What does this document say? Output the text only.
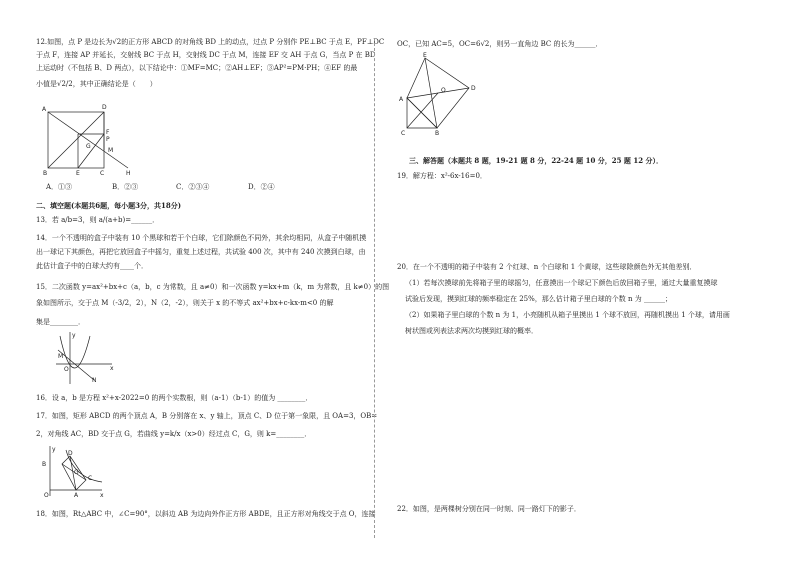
12.如图，点 P 是边长为√2的正方形 ABCD 的对角线 BD 上的动点，过点 P 分别作 PE⊥BC 于点 E，PF⊥DC
于点 F，连接 AP 并延长，交射线 BC 于点 H，交射线 DC 于点 M，连接 EF 交 AH 于点 G，当点 P 在 BD
上运动时（不包括 B、D 两点），以下结论中：①MF=MC；②AH⊥EF；③AP²=PM·PH；④EF 的最
小值是√2/2，其中正确结论是（　　）
A	D
F
P
G
M
B	E	C	H
A．①③	B．②③	C．②③④	D．②④
二、填空题(本题共6题，每小题3分，共18分)
13．若 a/b=3，则 a/(a+b)=______．
14．一个不透明的盒子中装有 10 个黑球和若干个白球，它们除颜色不同外，其余均相同，从盒子中随机摸
出一球记下其颜色，再把它放回盒子中摇匀，重复上述过程，共试验 400 次，其中有 240 次摸到白球，由
此估计盒子中的白球大约有____个．
15．二次函数 y=ax²+bx+c（a，b，c 为常数，且 a≠0）和一次函数 y=kx+m（k，m 为常数，且 k≠0）的图
象如图所示，交于点 M（-3/2，2），N（2，-2），则关于 x 的不等式 ax²+bx+c-kx-m<0 的解
集是________．
y
M
O	x
N
16．设 a，b 是方程 x²+x-2022=0 的两个实数根，则（a-1）（b-1）的值为 ________．
17．如图，矩形 ABCD 的两个顶点 A，B 分别落在 x、y 轴上，顶点 C、D 位于第一象限，且 OA=3，OB=
2，对角线 AC，BD 交于点 G，若曲线 y=k/x（x>0）经过点 C，G，则 k=________．
y
D
G
C
B
O	A	x
18．如图，Rt△ABC 中，∠C=90°，以斜边 AB 为边向外作正方形 ABDE，且正方形对角线交于点 O，连接
OC，已知 AC=5，OC=6√2，则另一直角边 BC 的长为______．
E
A
O	D
C	B
三、解答题（本题共 8 题，19-21 题 8 分，22-24 题 10 分，25 题 12 分）．
19．解方程：x²-6x-16=0．
20．在一个不透明的箱子中装有 2 个红球、n 个白球和 1 个黄球，这些球除颜色外无其他差别．
（1）若每次摸球前先将箱子里的球摇匀，任意摸出一个球记下颜色后放回箱子里，通过大量重复摸球
试验后发现，摸到红球的频率稳定在 25%，那么估计箱子里白球的个数 n 为 ______；
（2）如果箱子里白球的个数 n 为 1，小亮随机从箱子里摸出 1 个球不放回，再随机摸出 1 个球，请用画
树状图或列表法求两次均摸到红球的概率．
22．如图，是两棵树分别在同一时刻、同一路灯下的影子．
